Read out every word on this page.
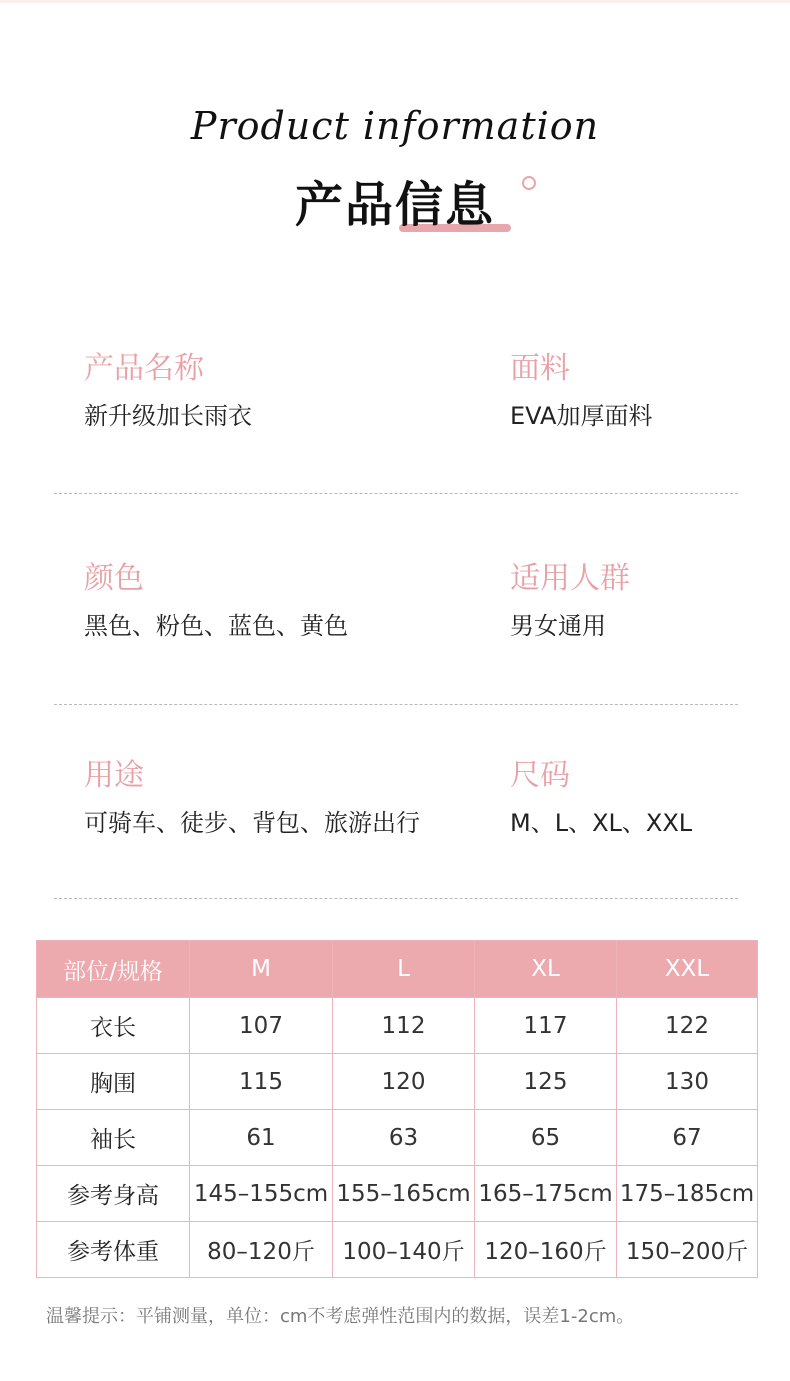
Product information
产品信息
产品名称
新升级加长雨衣
面料
EVA加厚面料
颜色
黑色、粉色、蓝色、黄色
适用人群
男女通用
用途
可骑车、徒步、背包、旅游出行
尺码
M、L、XL、XXL
部位/规格	M	L	XL	XXL
衣长	107	112	117	122
胸围	115	120	125	130
袖长	61	63	65	67
参考身高	145–155cm	155–165cm	165–175cm	175–185cm
参考体重	80–120斤	100–140斤	120–160斤	150–200斤
温馨提示：平铺测量，单位：cm不考虑弹性范围内的数据，误差1-2cm。
